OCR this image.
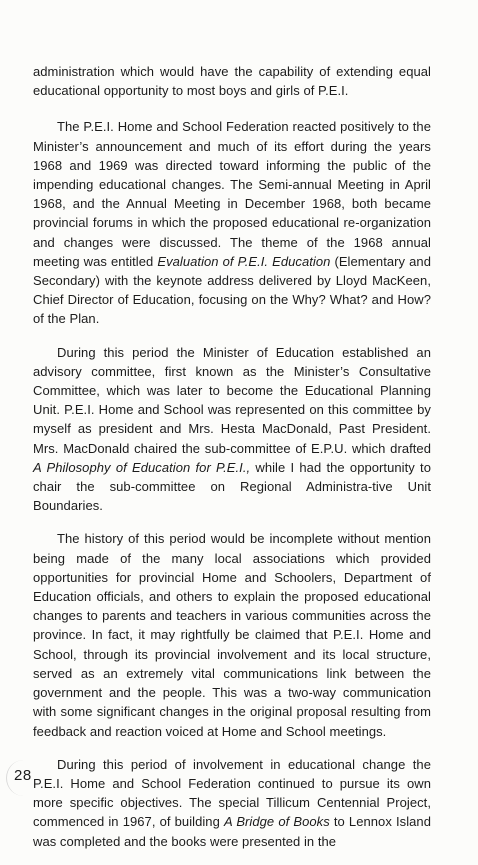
administration which would have the capability of extending equal educational opportunity to most boys and girls of P.E.I.

The P.E.I. Home and School Federation reacted positively to the Minister’s announcement and much of its effort during the years 1968 and 1969 was directed toward informing the public of the impending educational changes. The Semi-annual Meeting in April 1968, and the Annual Meeting in December 1968, both became provincial forums in which the proposed educational re-organization and changes were discussed. The theme of the 1968 annual meeting was entitled Evaluation of P.E.I. Education (Elementary and Secondary) with the keynote address delivered by Lloyd MacKeen, Chief Director of Education, focusing on the Why? What? and How? of the Plan.

During this period the Minister of Education established an advisory committee, first known as the Minister’s Consultative Committee, which was later to become the Educational Planning Unit. P.E.I. Home and School was represented on this committee by myself as president and Mrs. Hesta MacDonald, Past President. Mrs. MacDonald chaired the sub-committee of E.P.U. which drafted A Philosophy of Education for P.E.I., while I had the opportunity to chair the sub-committee on Regional Administra-tive Unit Boundaries.

The history of this period would be incomplete without mention being made of the many local associations which provided opportunities for provincial Home and Schoolers, Department of Education officials, and others to explain the proposed educational changes to parents and teachers in various communities across the province. In fact, it may rightfully be claimed that P.E.I. Home and School, through its provincial involvement and its local structure, served as an extremely vital communications link between the government and the people. This was a two-way communication with some significant changes in the original proposal resulting from feedback and reaction voiced at Home and School meetings.

During this period of involvement in educational change the P.E.I. Home and School Federation continued to pursue its own more specific objectives. The special Tillicum Centennial Project, commenced in 1967, of building A Bridge of Books to Lennox Island was completed and the books were presented in the

28
